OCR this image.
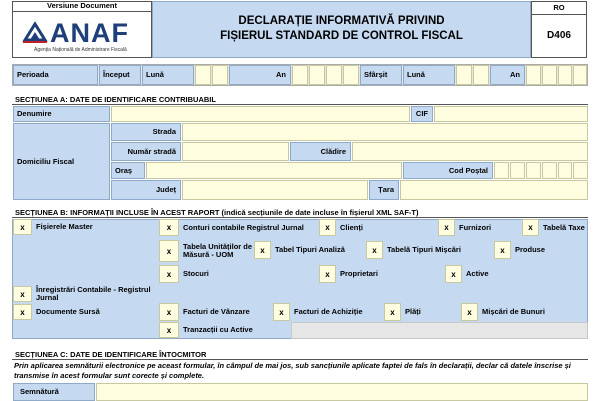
Versiune Document
ANAF
Agenția Națională de Administrare Fiscală
DECLARAȚIE INFORMATIVĂ PRIVIND
FIȘIERUL STANDARD DE CONTROL FISCAL
RO
D406
Perioada	Început	Lună	An	Sfârșit	Lună	An
SECȚIUNEA A: DATE DE IDENTIFICARE CONTRIBUABIL
Denumire	CIF
Domiciliu Fiscal
Strada
Număr stradă	Clădire
Oraș	Cod Poștal
Județ	Țara
SECȚIUNEA B: INFORMAȚII INCLUSE ÎN ACEST RAPORT (indică secțiunile de date incluse în fișierul XML SAF-T)
x	Fișierele Master	x	Conturi contabile Registrul Jurnal	x	Clienți	x	Furnizori	x	Tabelă Taxe
x	Tabela Unităților de Măsură - UOM	x	Tabel Tipuri Analiză	x	Tabelă Tipuri Mișcări	x	Produse
x	Stocuri	x	Proprietari	x	Active
x	Înregistrări Contabile - Registrul Jurnal
x	Documente Sursă	x	Facturi de Vânzare	x	Facturi de Achiziție	x	Plăți	x	Mișcări de Bunuri
x	Tranzacții cu Active
SECȚIUNEA C: DATE DE IDENTIFICARE ÎNTOCMITOR
Prin aplicarea semnăturii electronice pe aceast formular, în câmpul de mai jos, sub sancțiunile aplicate faptei de fals în declarații, declar că datele înscrise și transmise în acest formular sunt corecte și complete.
Semnătură
